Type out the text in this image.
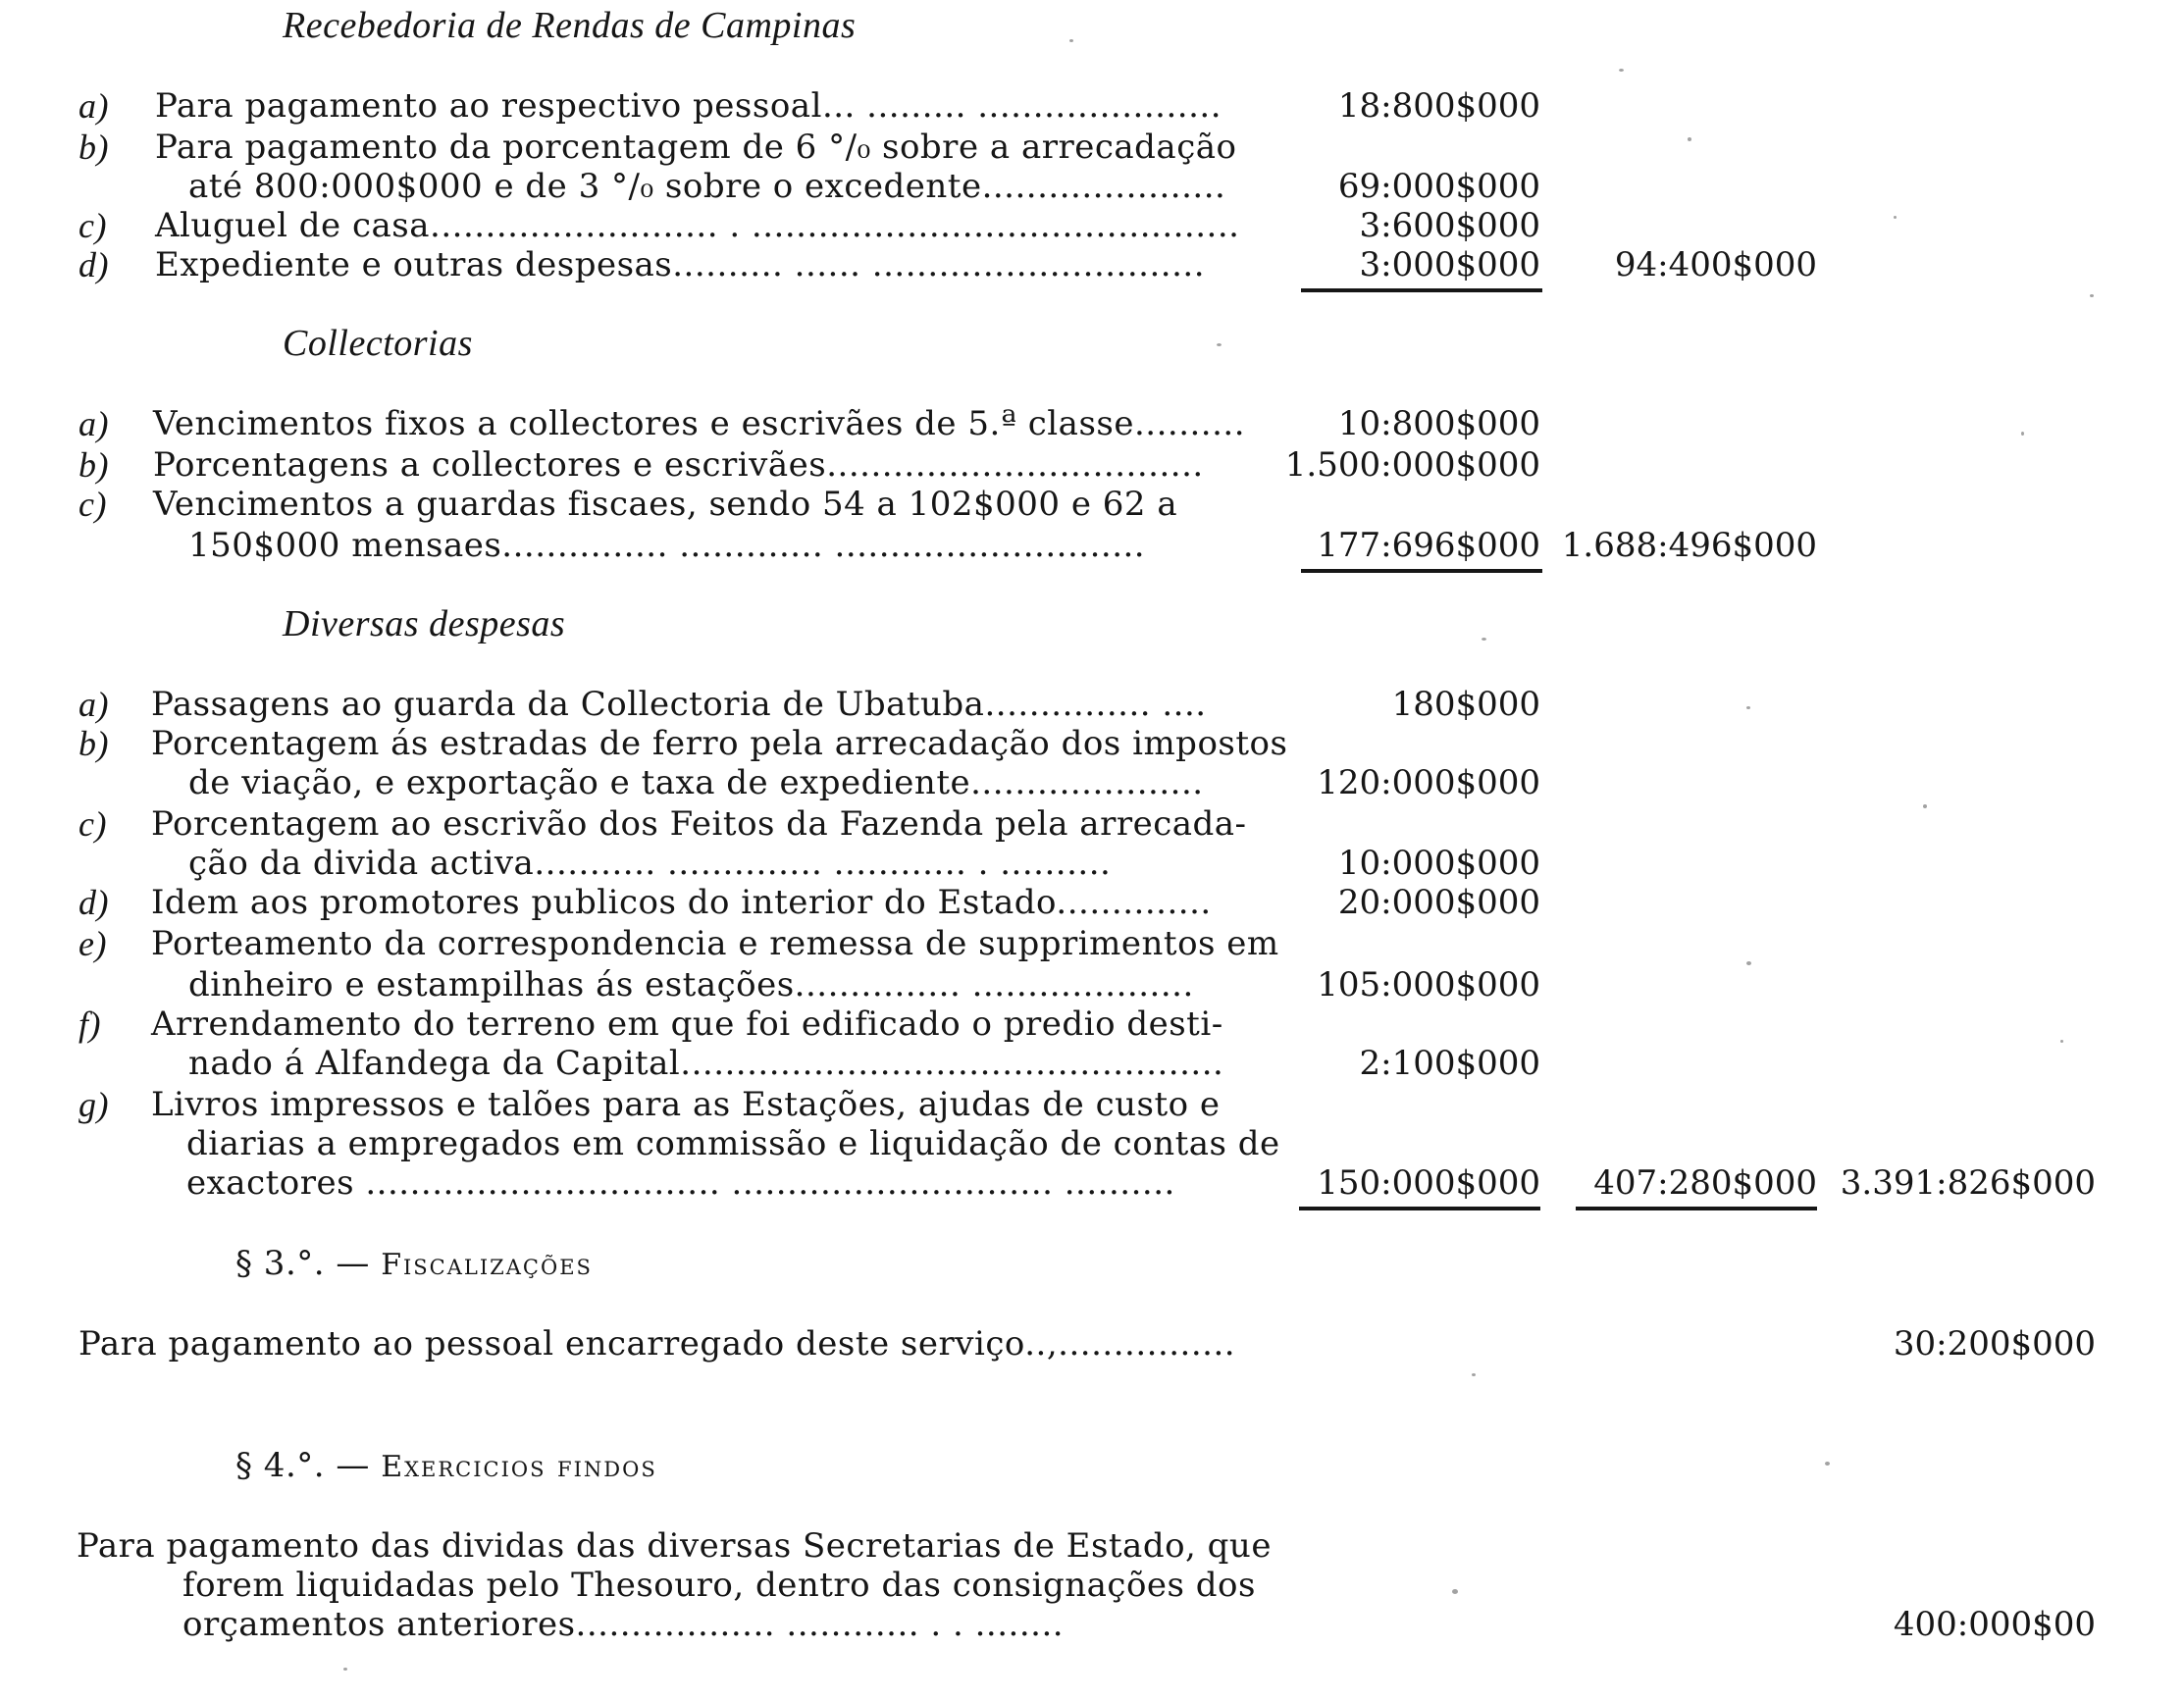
Recebedoria de Rendas de Campinas
a) Para pagamento ao respectivo pessoal... ......... ......................	18:800$000
b) Para pagamento da porcentagem de 6 °/₀ sobre a arrecadação
até 800:000$000 e de 3 °/₀ sobre o excedente......................	69:000$000
c) Aluguel de casa.......................... . ............................................	3:600$000
d) Expediente e outras despesas.......... ...... ..............................	3:000$000	94:400$000
Collectorias
a) Vencimentos fixos a collectores e escrivães de 5.ª classe..........	10:800$000
b) Porcentagens a collectores e escrivães..................................	1.500:000$000
c) Vencimentos a guardas fiscaes, sendo 54 a 102$000 e 62 a
150$000 mensaes............... ............. ............................	177:696$000 1.688:496$000
Diversas despesas
a) Passagens ao guarda da Collectoria de Ubatuba............... ....	180$000
b) Porcentagem ás estradas de ferro pela arrecadação dos impostos
de viação, e exportação e taxa de expediente.....................	120:000$000
c) Porcentagem ao escrivão dos Feitos da Fazenda pela arrecada-
ção da divida activa........... .............. ............ . ..........	10:000$000
d) Idem aos promotores publicos do interior do Estado..............	20:000$000
e) Porteamento da correspondencia e remessa de supprimentos em
dinheiro e estampilhas ás estações............... ....................	105:000$000
f) Arrendamento do terreno em que foi edificado o predio desti-
nado á Alfandega da Capital.................................................	2:100$000
g) Livros impressos e talões para as Estações, ajudas de custo e
diarias a empregados em commissão e liquidação de contas de
exactores ................................ ............................. ..........	150:000$000	407:280$000 3.391:826$000
§ 3.°. — Fiscalizações
Para pagamento ao pessoal encarregado deste serviço..,................	30:200$000
§ 4.°. — Exercicios findos
Para pagamento das dividas das diversas Secretarias de Estado, que
forem liquidadas pelo Thesouro, dentro das consignações dos
orçamentos anteriores.................. ............ . . ........	400:000$00
